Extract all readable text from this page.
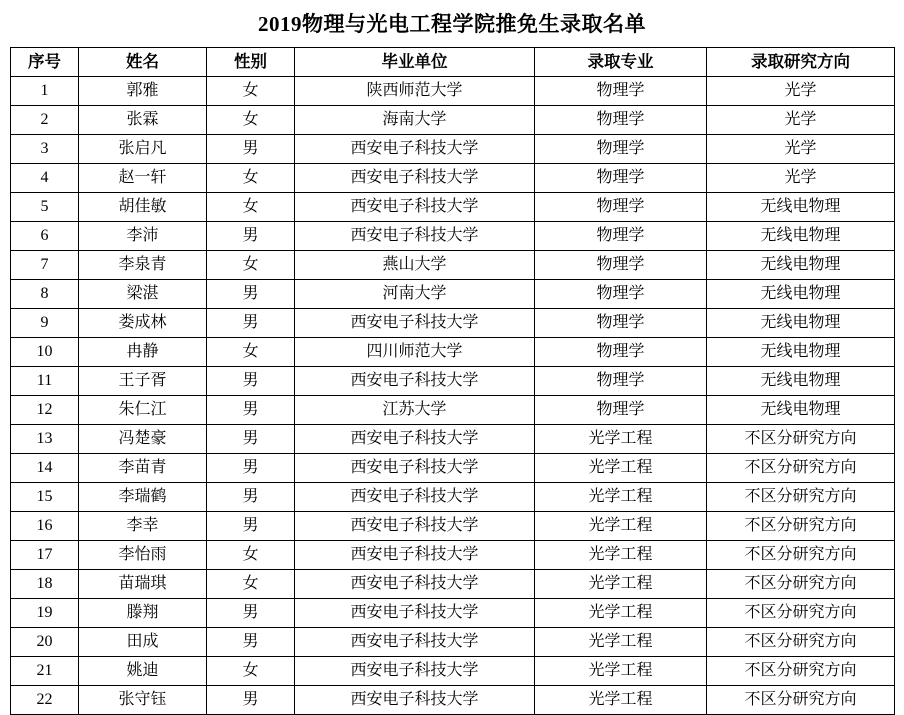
2019物理与光电工程学院推免生录取名单
序号	姓名	性别	毕业单位	录取专业	录取研究方向
1	郭雅	女	陕西师范大学	物理学	光学
2	张霖	女	海南大学	物理学	光学
3	张启凡	男	西安电子科技大学	物理学	光学
4	赵一轩	女	西安电子科技大学	物理学	光学
5	胡佳敏	女	西安电子科技大学	物理学	无线电物理
6	李沛	男	西安电子科技大学	物理学	无线电物理
7	李泉青	女	燕山大学	物理学	无线电物理
8	梁湛	男	河南大学	物理学	无线电物理
9	娄成林	男	西安电子科技大学	物理学	无线电物理
10	冉静	女	四川师范大学	物理学	无线电物理
11	王子胥	男	西安电子科技大学	物理学	无线电物理
12	朱仁江	男	江苏大学	物理学	无线电物理
13	冯楚豪	男	西安电子科技大学	光学工程	不区分研究方向
14	李苗青	男	西安电子科技大学	光学工程	不区分研究方向
15	李瑞鹤	男	西安电子科技大学	光学工程	不区分研究方向
16	李幸	男	西安电子科技大学	光学工程	不区分研究方向
17	李怡雨	女	西安电子科技大学	光学工程	不区分研究方向
18	苗瑞琪	女	西安电子科技大学	光学工程	不区分研究方向
19	滕翔	男	西安电子科技大学	光学工程	不区分研究方向
20	田成	男	西安电子科技大学	光学工程	不区分研究方向
21	姚迪	女	西安电子科技大学	光学工程	不区分研究方向
22	张守钰	男	西安电子科技大学	光学工程	不区分研究方向
